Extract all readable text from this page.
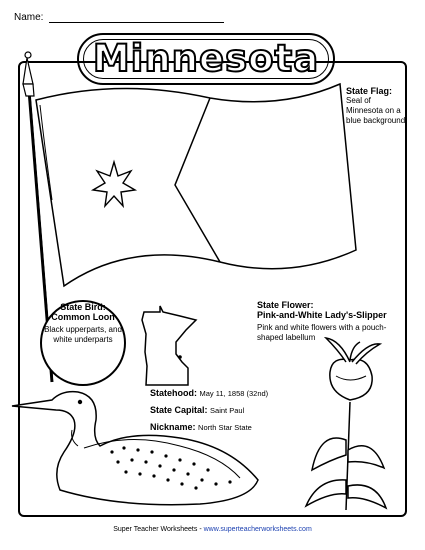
Name:
Minnesota
State Flag:
Seal of Minnesota on a blue background
State Bird:
Common Loon
Black upperparts, and white underparts
State Flower:
Pink-and-White Lady's-Slipper
Pink and white flowers with a pouch-shaped labellum
Statehood: May 11, 1858 (32nd)
State Capital: Saint Paul
Nickname: North Star State
Super Teacher Worksheets - www.superteacherworksheets.com
